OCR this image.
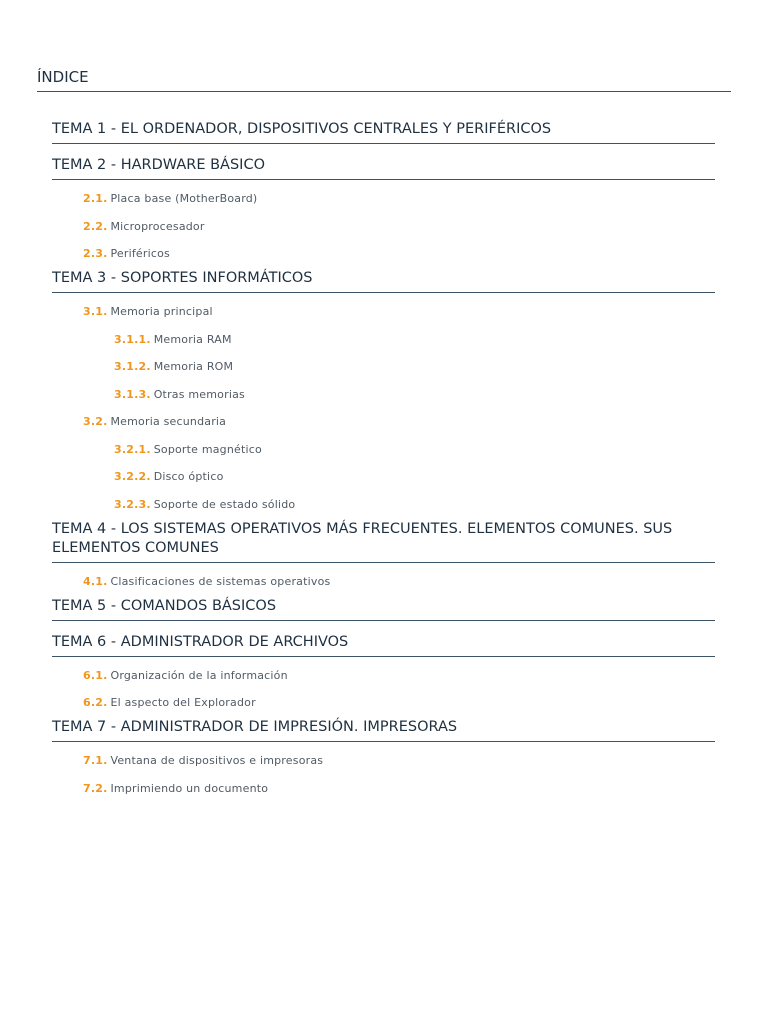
ÍNDICE
TEMA 1 - EL ORDENADOR, DISPOSITIVOS CENTRALES Y PERIFÉRICOS
TEMA 2 - HARDWARE BÁSICO
2.1. Placa base (MotherBoard)
2.2. Microprocesador
2.3. Periféricos
TEMA 3 - SOPORTES INFORMÁTICOS
3.1. Memoria principal
3.1.1. Memoria RAM
3.1.2. Memoria ROM
3.1.3. Otras memorias
3.2. Memoria secundaria
3.2.1. Soporte magnético
3.2.2. Disco óptico
3.2.3. Soporte de estado sólido
TEMA 4 - LOS SISTEMAS OPERATIVOS MÁS FRECUENTES. ELEMENTOS COMUNES. SUS ELEMENTOS COMUNES
4.1. Clasificaciones de sistemas operativos
TEMA 5 - COMANDOS BÁSICOS
TEMA 6 - ADMINISTRADOR DE ARCHIVOS
6.1. Organización de la información
6.2. El aspecto del Explorador
TEMA 7 - ADMINISTRADOR DE IMPRESIÓN. IMPRESORAS
7.1. Ventana de dispositivos e impresoras
7.2. Imprimiendo un documento
